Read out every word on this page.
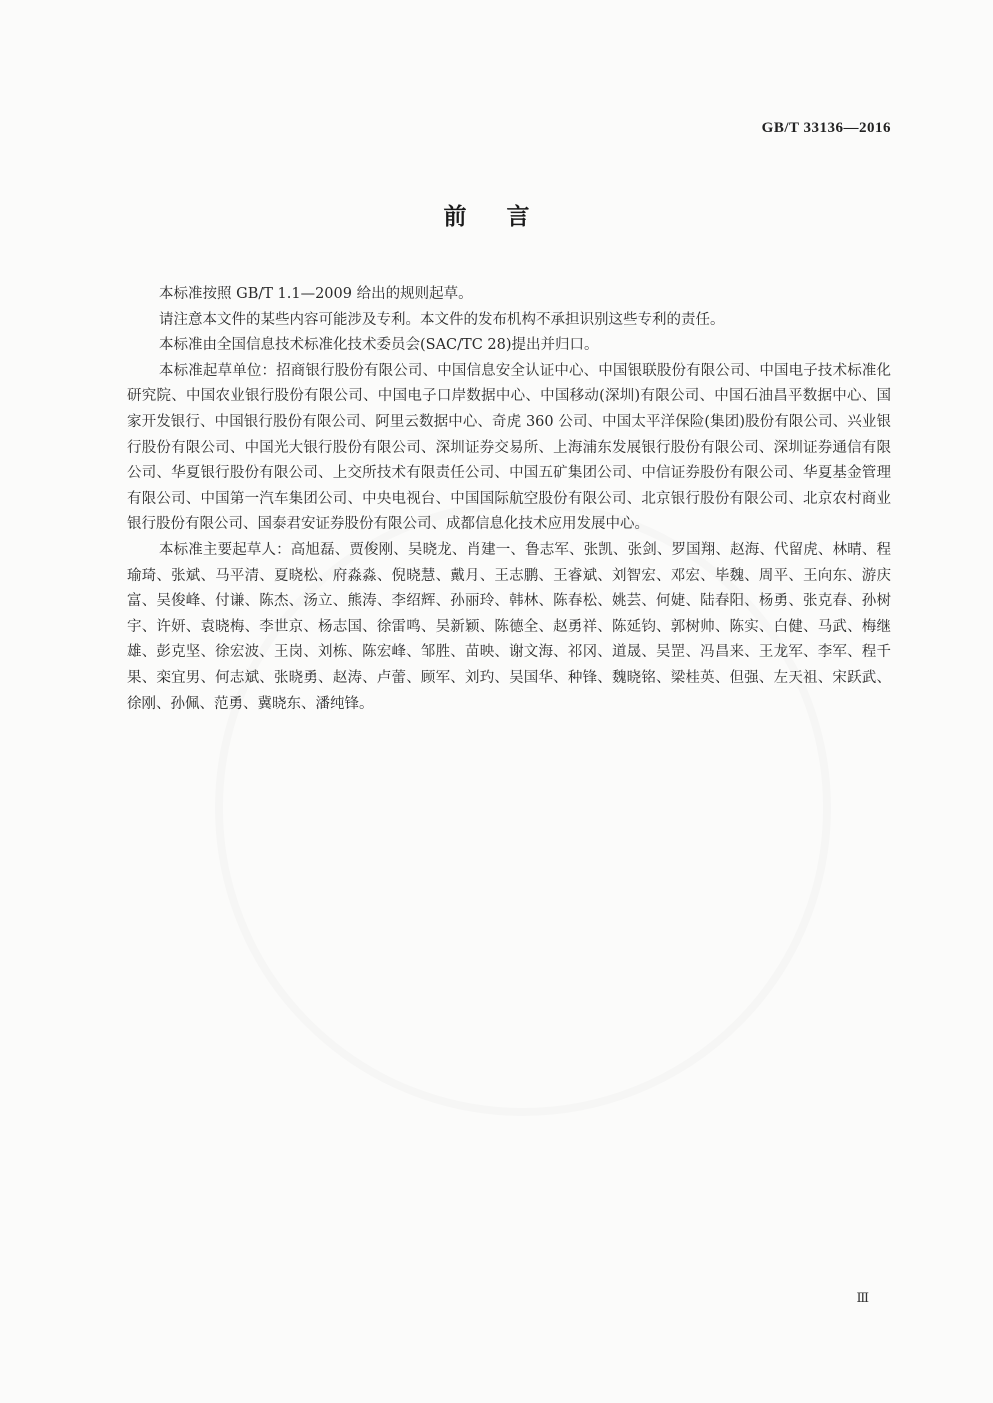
GB/T 33136—2016
前言

本标准按照 GB/T 1.1—2009 给出的规则起草。

请注意本文件的某些内容可能涉及专利。本文件的发布机构不承担识别这些专利的责任。

本标准由全国信息技术标准化技术委员会(SAC/TC 28)提出并归口。

本标准起草单位：招商银行股份有限公司、中国信息安全认证中心、中国银联股份有限公司、中国电子技术标准化研究院、中国农业银行股份有限公司、中国电子口岸数据中心、中国移动(深圳)有限公司、中国石油昌平数据中心、国家开发银行、中国银行股份有限公司、阿里云数据中心、奇虎 360 公司、中国太平洋保险(集团)股份有限公司、兴业银行股份有限公司、中国光大银行股份有限公司、深圳证券交易所、上海浦东发展银行股份有限公司、深圳证券通信有限公司、华夏银行股份有限公司、上交所技术有限责任公司、中国五矿集团公司、中信证券股份有限公司、华夏基金管理有限公司、中国第一汽车集团公司、中央电视台、中国国际航空股份有限公司、北京银行股份有限公司、北京农村商业银行股份有限公司、国泰君安证券股份有限公司、成都信息化技术应用发展中心。

本标准主要起草人：高旭磊、贾俊刚、吴晓龙、肖建一、鲁志军、张凯、张剑、罗国翔、赵海、代留虎、林晴、程瑜琦、张斌、马平清、夏晓松、府淼淼、倪晓慧、戴月、王志鹏、王睿斌、刘智宏、邓宏、毕魏、周平、王向东、游庆富、吴俊峰、付谦、陈杰、汤立、熊涛、李绍辉、孙丽玲、韩林、陈春松、姚芸、何婕、陆春阳、杨勇、张克春、孙树宇、许妍、袁晓梅、李世京、杨志国、徐雷鸣、吴新颖、陈德全、赵勇祥、陈延钧、郭树帅、陈实、白健、马武、梅继雄、彭克坚、徐宏波、王岗、刘栋、陈宏峰、邹胜、苗映、谢文海、祁冈、道晟、吴罡、冯昌来、王龙军、李军、程千果、栾宜男、何志斌、张晓勇、赵涛、卢蕾、顾军、刘玓、吴国华、种锋、魏晓铭、梁桂英、但强、左天祖、宋跃武、徐刚、孙佩、范勇、冀晓东、潘纯锋。

Ⅲ
